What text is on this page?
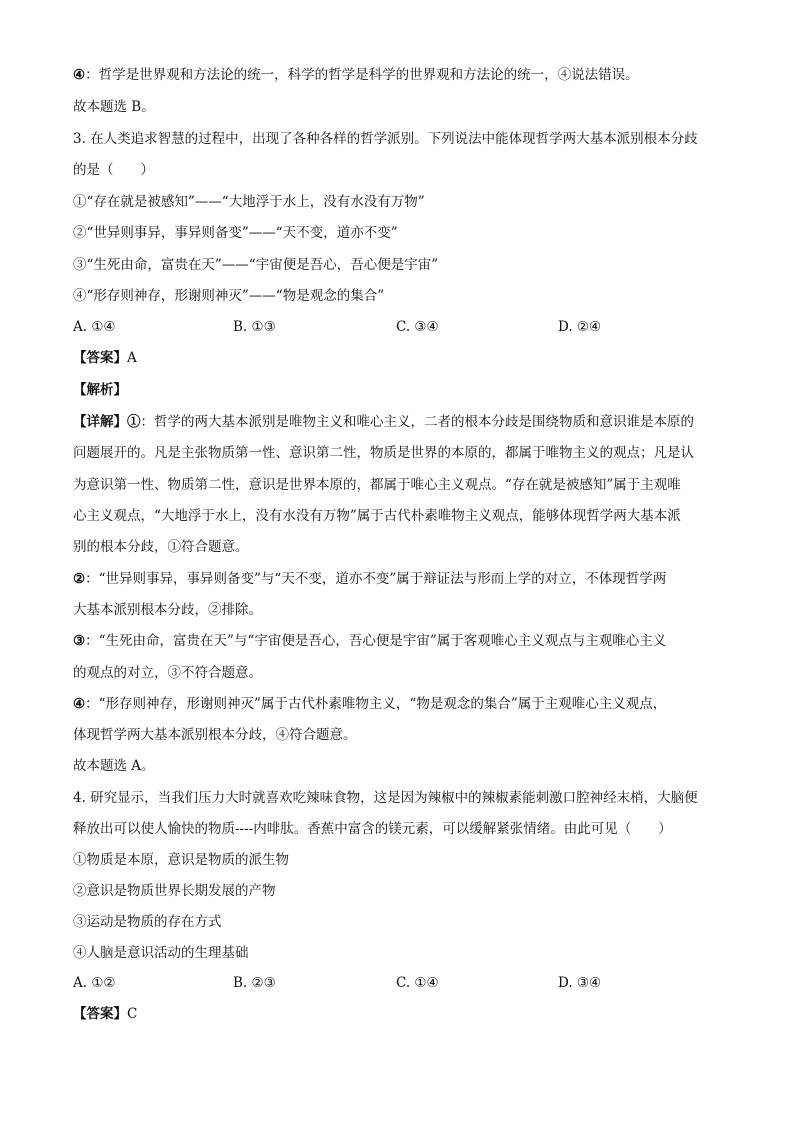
④：哲学是世界观和方法论的统一，科学的哲学是科学的世界观和方法论的统一，④说法错误。
故本题选 B。
3. 在人类追求智慧的过程中，出现了各种各样的哲学派别。下列说法中能体现哲学两大基本派别根本分歧
的是（　　）
①“存在就是被感知”——“大地浮于水上，没有水没有万物”
②“世异则事异，事异则备变”——“天不变，道亦不变”
③“生死由命，富贵在天”——“宇宙便是吾心，吾心便是宇宙”
④“形存则神存，形谢则神灭”——“物是观念的集合”
A. ①④	B. ①③	C. ③④	D. ②④
【答案】A
【解析】
【详解】①：哲学的两大基本派别是唯物主义和唯心主义，二者的根本分歧是围绕物质和意识谁是本原的
问题展开的。凡是主张物质第一性、意识第二性，物质是世界的本原的，都属于唯物主义的观点；凡是认
为意识第一性、物质第二性，意识是世界本原的，都属于唯心主义观点。“存在就是被感知”属于主观唯
心主义观点，“大地浮于水上，没有水没有万物”属于古代朴素唯物主义观点，能够体现哲学两大基本派
别的根本分歧，①符合题意。
②：“世异则事异，事异则备变”与“天不变，道亦不变”属于辩证法与形而上学的对立，不体现哲学两
大基本派别根本分歧，②排除。
③：“生死由命，富贵在天”与“宇宙便是吾心，吾心便是宇宙”属于客观唯心主义观点与主观唯心主义
的观点的对立，③不符合题意。
④：“形存则神存，形谢则神灭”属于古代朴素唯物主义，“物是观念的集合”属于主观唯心主义观点，
体现哲学两大基本派别根本分歧，④符合题意。
故本题选 A。
4. 研究显示，当我们压力大时就喜欢吃辣味食物，这是因为辣椒中的辣椒素能刺激口腔神经末梢，大脑便
释放出可以使人愉快的物质----内啡肽。香蕉中富含的镁元素，可以缓解紧张情绪。由此可见（　　）
①物质是本原，意识是物质的派生物
②意识是物质世界长期发展的产物
③运动是物质的存在方式
④人脑是意识活动的生理基础
A. ①②	B. ②③	C. ①④	D. ③④
【答案】C
